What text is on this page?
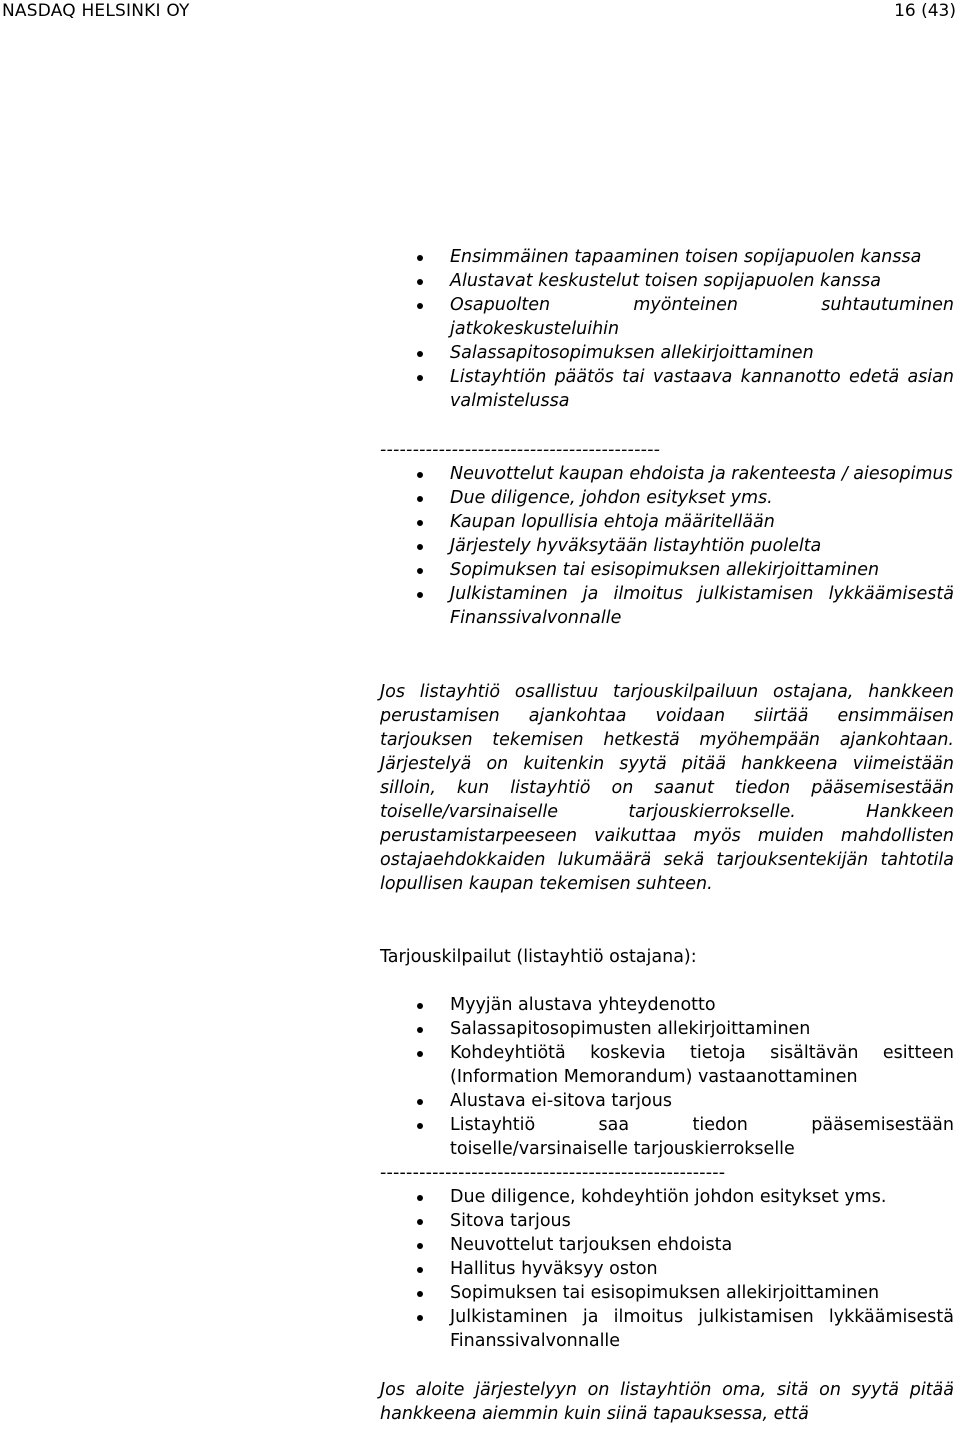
NASDAQ HELSINKI OY	16 (43)
Ensimmäinen tapaaminen toisen sopijapuolen kanssa
Alustavat keskustelut toisen sopijapuolen kanssa
Osapuolten myönteinen suhtautuminen jatkokeskusteluihin
Salassapitosopimuksen allekirjoittaminen
Listayhtiön päätös tai vastaava kannanotto edetä asian valmistelussa
-------------------------------------------
Neuvottelut kaupan ehdoista ja rakenteesta / aiesopimus
Due diligence, johdon esitykset yms.
Kaupan lopullisia ehtoja määritellään
Järjestely hyväksytään listayhtiön puolelta
Sopimuksen tai esisopimuksen allekirjoittaminen
Julkistaminen ja ilmoitus julkistamisen lykkäämisestä Finanssivalvonnalle

Jos listayhtiö osallistuu tarjouskilpailuun ostajana, hankkeen perustamisen ajankohtaa voidaan siirtää ensimmäisen tarjouksen tekemisen hetkestä myöhempään ajankohtaan. Järjestelyä on kuitenkin syytä pitää hankkeena viimeistään silloin, kun listayhtiö on saanut tiedon pääsemisestään toiselle/varsinaiselle tarjouskierrokselle. Hankkeen perustamistarpeeseen vaikuttaa myös muiden mahdollisten ostajaehdokkaiden lukumäärä sekä tarjouksentekijän tahtotila lopullisen kaupan tekemisen suhteen.

Tarjouskilpailut (listayhtiö ostajana):
Myyjän alustava yhteydenotto
Salassapitosopimusten allekirjoittaminen
Kohdeyhtiötä koskevia tietoja sisältävän esitteen (Information Memorandum) vastaanottaminen
Alustava ei-sitova tarjous
Listayhtiö saa tiedon pääsemisestään toiselle/varsinaiselle tarjouskierrokselle
-----------------------------------------------------
Due diligence, kohdeyhtiön johdon esitykset yms.
Sitova tarjous
Neuvottelut tarjouksen ehdoista
Hallitus hyväksyy oston
Sopimuksen tai esisopimuksen allekirjoittaminen
Julkistaminen ja ilmoitus julkistamisen lykkäämisestä Finanssivalvonnalle

Jos aloite järjestelyyn on listayhtiön oma, sitä on syytä pitää hankkeena aiemmin kuin siinä tapauksessa, että
